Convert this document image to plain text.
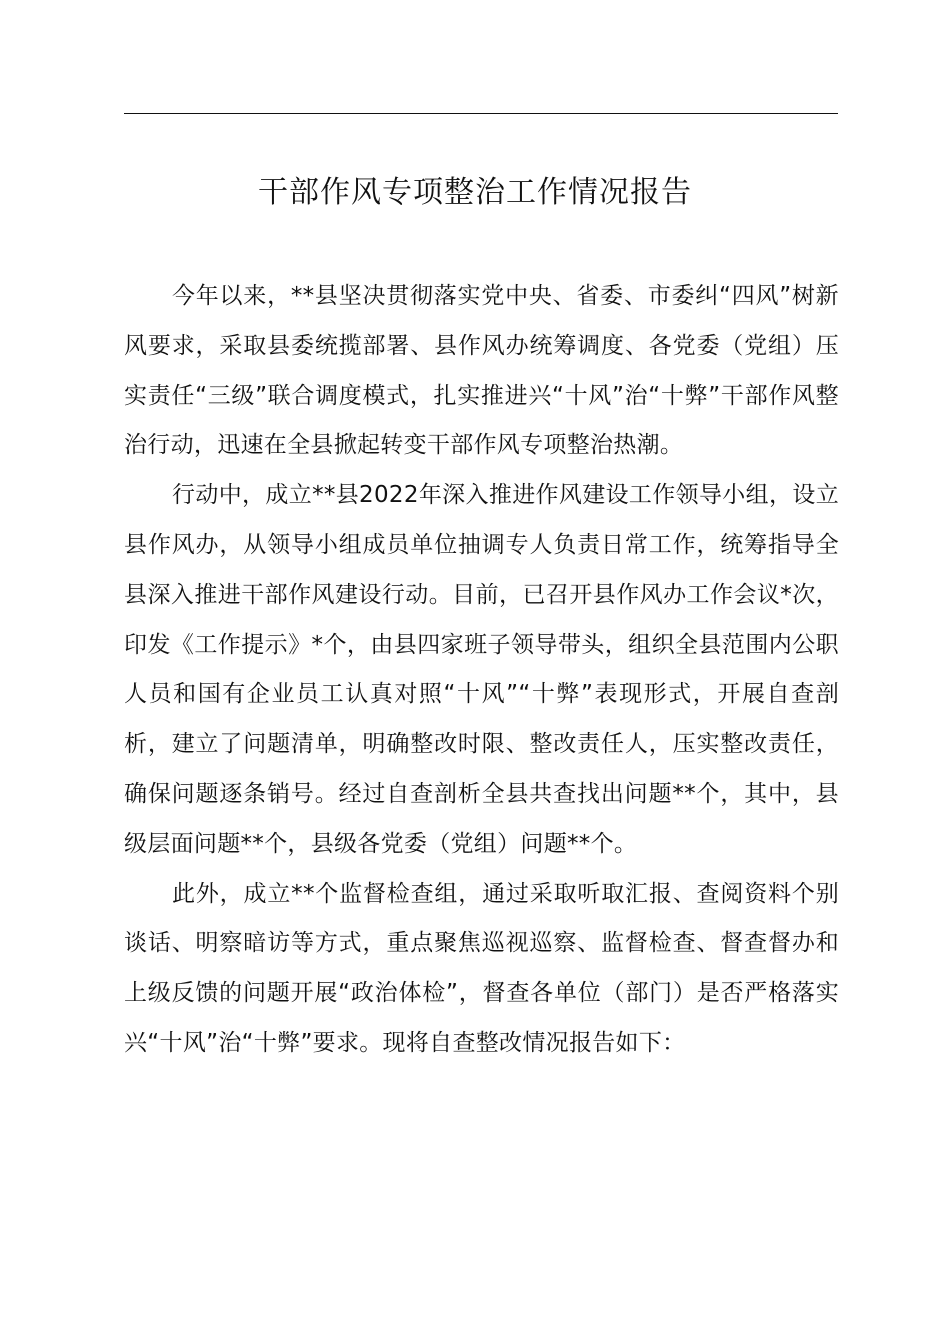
干部作风专项整治工作情况报告

今年以来，**县坚决贯彻落实党中央、省委、市委纠“四风”树新风要求，采取县委统揽部署、县作风办统筹调度、各党委（党组）压实责任“三级”联合调度模式，扎实推进兴“十风”治“十弊”干部作风整治行动，迅速在全县掀起转变干部作风专项整治热潮。

行动中，成立**县2022年深入推进作风建设工作领导小组，设立县作风办，从领导小组成员单位抽调专人负责日常工作，统筹指导全县深入推进干部作风建设行动。目前，已召开县作风办工作会议*次，印发《工作提示》*个，由县四家班子领导带头，组织全县范围内公职人员和国有企业员工认真对照“十风”“十弊”表现形式，开展自查剖析，建立了问题清单，明确整改时限、整改责任人，压实整改责任，确保问题逐条销号。经过自查剖析全县共查找出问题**个，其中，县级层面问题**个，县级各党委（党组）问题**个。

此外，成立**个监督检查组，通过采取听取汇报、查阅资料个别谈话、明察暗访等方式，重点聚焦巡视巡察、监督检查、督查督办和上级反馈的问题开展“政治体检”，督查各单位（部门）是否严格落实兴“十风”治“十弊”要求。现将自查整改情况报告如下：
